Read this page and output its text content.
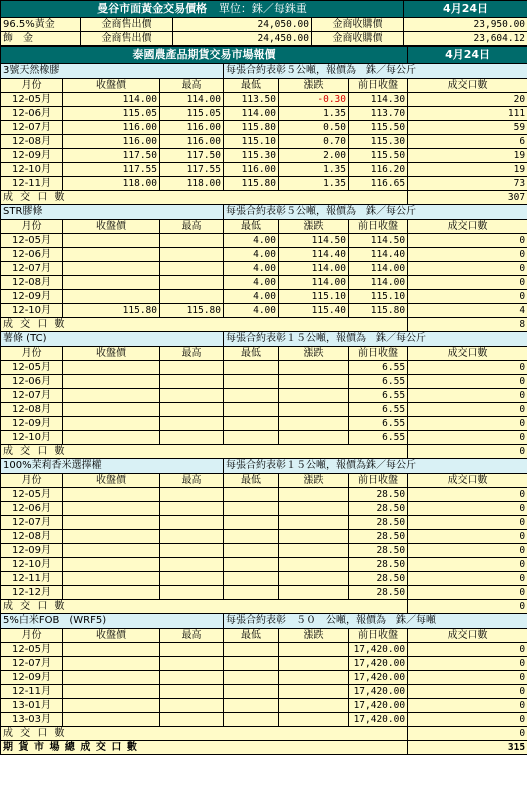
曼谷市面黃金交易價格 單位：銖／每銖重				4月24日
96.5%黃金	金商售出價	24,050.00	金商收購價	23,950.00
飾　金	金商售出價	24,450.00	金商收購價	23,604.12
泰國農產品期貨交易市場報價						4月24日
3號天然橡膠			每張合約表彰５公噸，報價為　銖／每公斤			
月份	收盤價	最高	最低	漲跌	前日收盤	成交口數
12-05月	114.00	114.00	113.50	-0.30	114.30	20
12-06月	115.05	115.05	114.00	1.35	113.70	111
12-07月	116.00	116.00	115.80	0.50	115.50	59
12-08月	116.00	116.00	115.10	0.70	115.30	6
12-09月	117.50	117.50	115.30	2.00	115.50	19
12-10月	117.55	117.55	116.00	1.35	116.20	19
12-11月	118.00	118.00	115.80	1.35	116.65	73
成 交 口 數						307
STR膠條			每張合約表彰５公噸，報價為　銖／每公斤			
月份	收盤價	最高	最低	漲跌	前日收盤	成交口數
12-05月			4.00	114.50	114.50	0
12-06月			4.00	114.40	114.40	0
12-07月			4.00	114.00	114.00	0
12-08月			4.00	114.00	114.00	0
12-09月			4.00	115.10	115.10	0
12-10月	115.80	115.80	4.00	115.40	115.80	4
成 交 口 數						8
薯條 (TC)			每張合約表彰１５公噸，報價為　銖／每公斤			
月份	收盤價	最高	最低	漲跌	前日收盤	成交口數
12-05月					6.55	0
12-06月					6.55	0
12-07月					6.55	0
12-08月					6.55	0
12-09月					6.55	0
12-10月					6.55	0
成 交 口 數						0
100%茉莉香米選擇權			每張合約表彰１５公噸，報價為銖／每公斤			
月份	收盤價	最高	最低	漲跌	前日收盤	成交口數
12-05月					28.50	0
12-06月					28.50	0
12-07月					28.50	0
12-08月					28.50	0
12-09月					28.50	0
12-10月					28.50	0
12-11月					28.50	0
12-12月					28.50	0
成 交 口 數						0
5%白米FOB　(WRF5)			每張合約表彰　５０　公噸，報價為　銖／每噸			
月份	收盤價	最高	最低	漲跌	前日收盤	成交口數
12-05月					17,420.00	0
12-07月					17,420.00	0
12-09月					17,420.00	0
12-11月					17,420.00	0
13-01月					17,420.00	0
13-03月					17,420.00	0
成 交 口 數						0
期 貨 市 場 總 成 交 口 數						315
